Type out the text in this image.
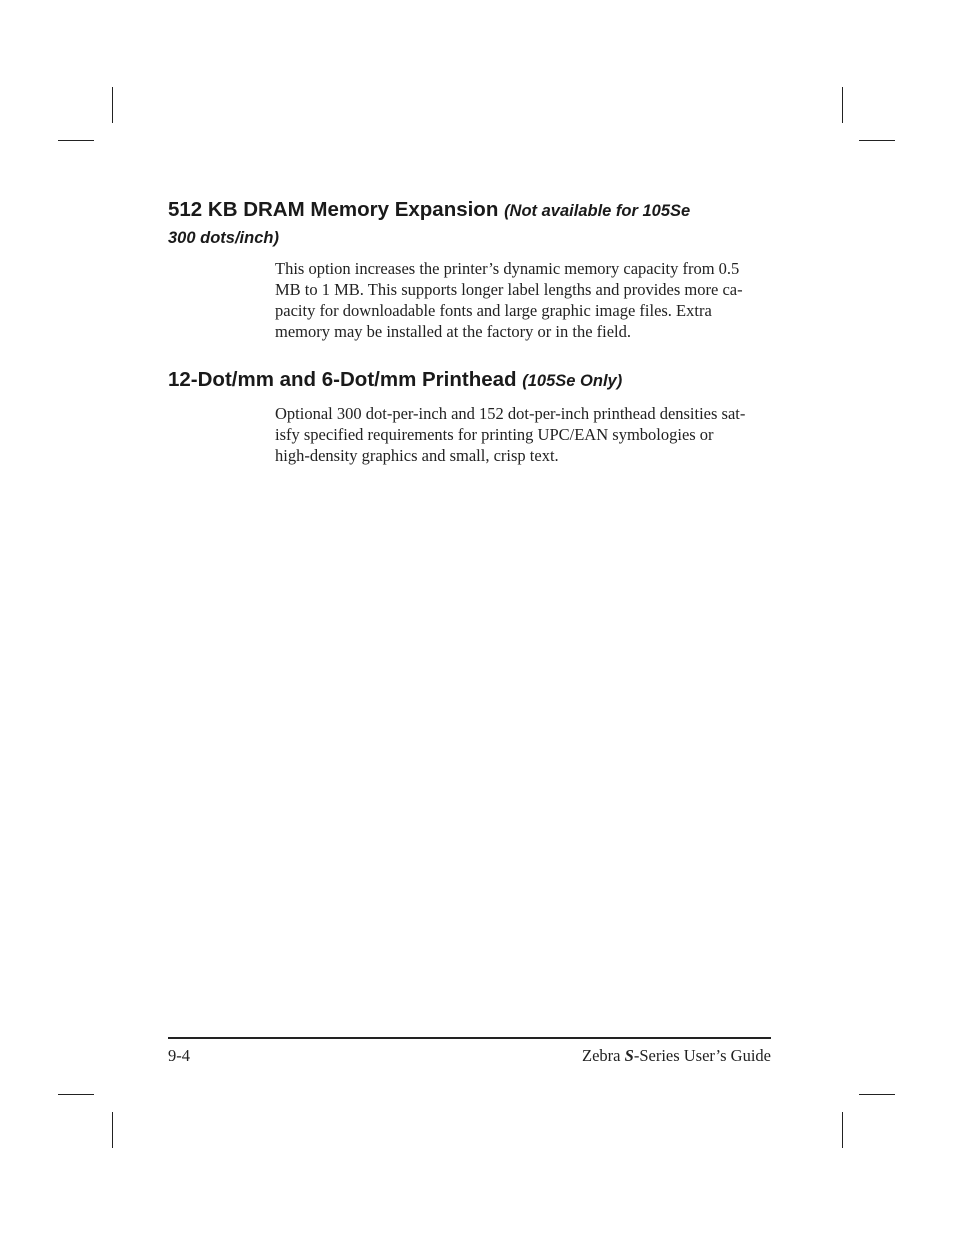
512 KB DRAM Memory Expansion (Not available for 105Se
300 dots/inch)

This option increases the printer’s dynamic memory capacity from 0.5
MB to 1 MB. This supports longer label lengths and provides more ca-
pacity for downloadable fonts and large graphic image files. Extra
memory may be installed at the factory or in the field.

12-Dot/mm and 6-Dot/mm Printhead (105Se Only)

Optional 300 dot-per-inch and 152 dot-per-inch printhead densities sat-
isfy specified requirements for printing UPC/EAN symbologies or
high-density graphics and small, crisp text.

9-4	Zebra S-Series User’s Guide
